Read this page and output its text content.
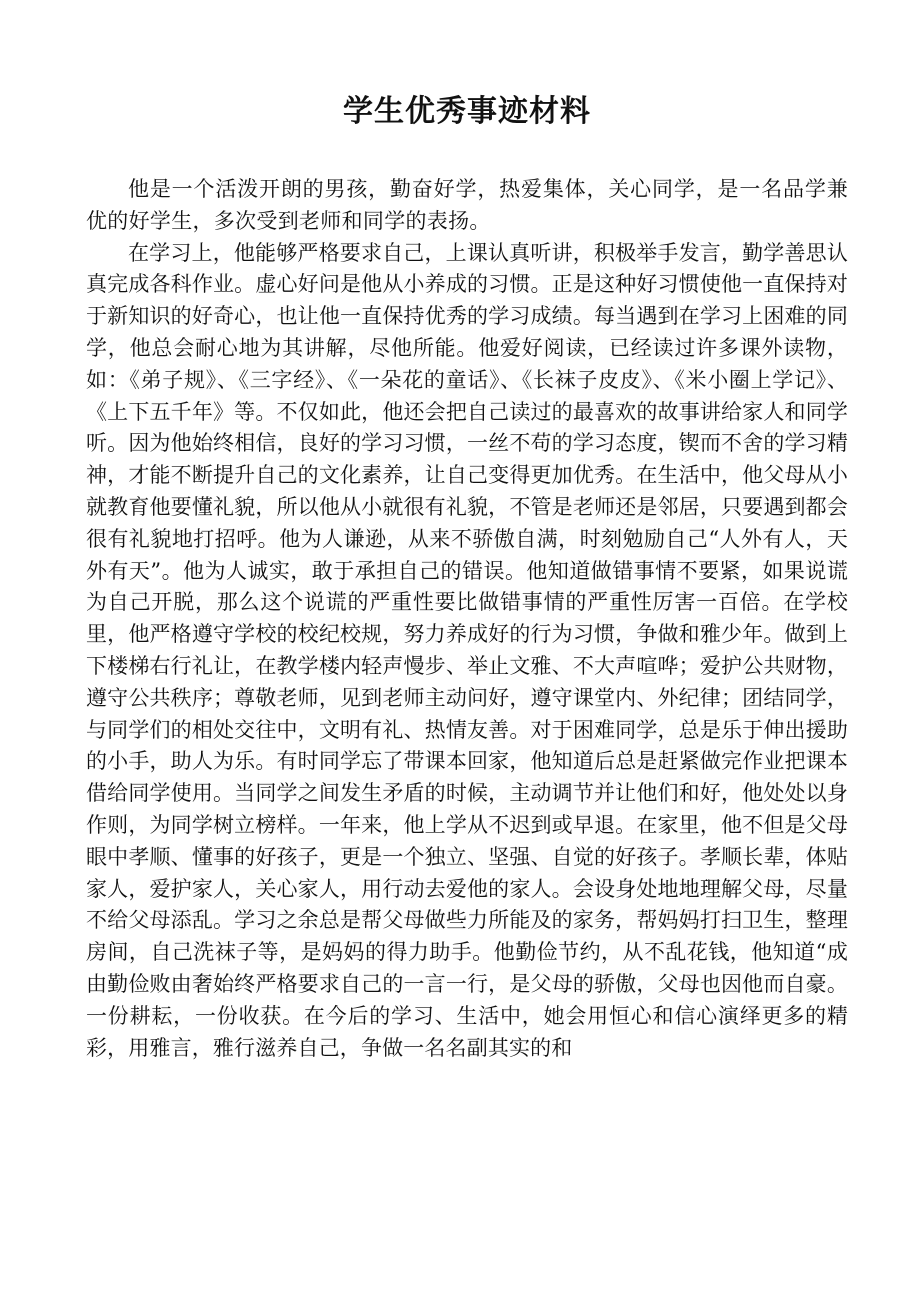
学生优秀事迹材料

他是一个活泼开朗的男孩，勤奋好学，热爱集体，关心同学，是一名品学兼优的好学生，多次受到老师和同学的表扬。

在学习上，他能够严格要求自己，上课认真听讲，积极举手发言，勤学善思认真完成各科作业。虚心好问是他从小养成的习惯。正是这种好习惯使他一直保持对于新知识的好奇心，也让他一直保持优秀的学习成绩。每当遇到在学习上困难的同学，他总会耐心地为其讲解，尽他所能。他爱好阅读，已经读过许多课外读物，如：《弟子规》、《三字经》、《一朵花的童话》、《长袜子皮皮》、《米小圈上学记》、《上下五千年》等。不仅如此，他还会把自己读过的最喜欢的故事讲给家人和同学听。因为他始终相信，良好的学习习惯，一丝不苟的学习态度，锲而不舍的学习精神，才能不断提升自己的文化素养，让自己变得更加优秀。在生活中，他父母从小就教育他要懂礼貌，所以他从小就很有礼貌，不管是老师还是邻居，只要遇到都会很有礼貌地打招呼。他为人谦逊，从来不骄傲自满，时刻勉励自己“人外有人，天外有天”。他为人诚实，敢于承担自己的错误。他知道做错事情不要紧，如果说谎为自己开脱，那么这个说谎的严重性要比做错事情的严重性厉害一百倍。在学校里，他严格遵守学校的校纪校规，努力养成好的行为习惯，争做和雅少年。做到上下楼梯右行礼让，在教学楼内轻声慢步、举止文雅、不大声喧哗；爱护公共财物，遵守公共秩序；尊敬老师，见到老师主动问好，遵守课堂内、外纪律；团结同学，与同学们的相处交往中，文明有礼、热情友善。对于困难同学，总是乐于伸出援助的小手，助人为乐。有时同学忘了带课本回家，他知道后总是赶紧做完作业把课本借给同学使用。当同学之间发生矛盾的时候，主动调节并让他们和好，他处处以身作则，为同学树立榜样。一年来，他上学从不迟到或早退。在家里，他不但是父母眼中孝顺、懂事的好孩子，更是一个独立、坚强、自觉的好孩子。孝顺长辈，体贴家人，爱护家人，关心家人，用行动去爱他的家人。会设身处地地理解父母，尽量不给父母添乱。学习之余总是帮父母做些力所能及的家务，帮妈妈打扫卫生，整理房间，自己洗袜子等，是妈妈的得力助手。他勤俭节约，从不乱花钱，他知道“成由勤俭败由奢始终严格要求自己的一言一行，是父母的骄傲，父母也因他而自豪。一份耕耘，一份收获。在今后的学习、生活中，她会用恒心和信心演绎更多的精彩，用雅言，雅行滋养自己，争做一名名副其实的和
